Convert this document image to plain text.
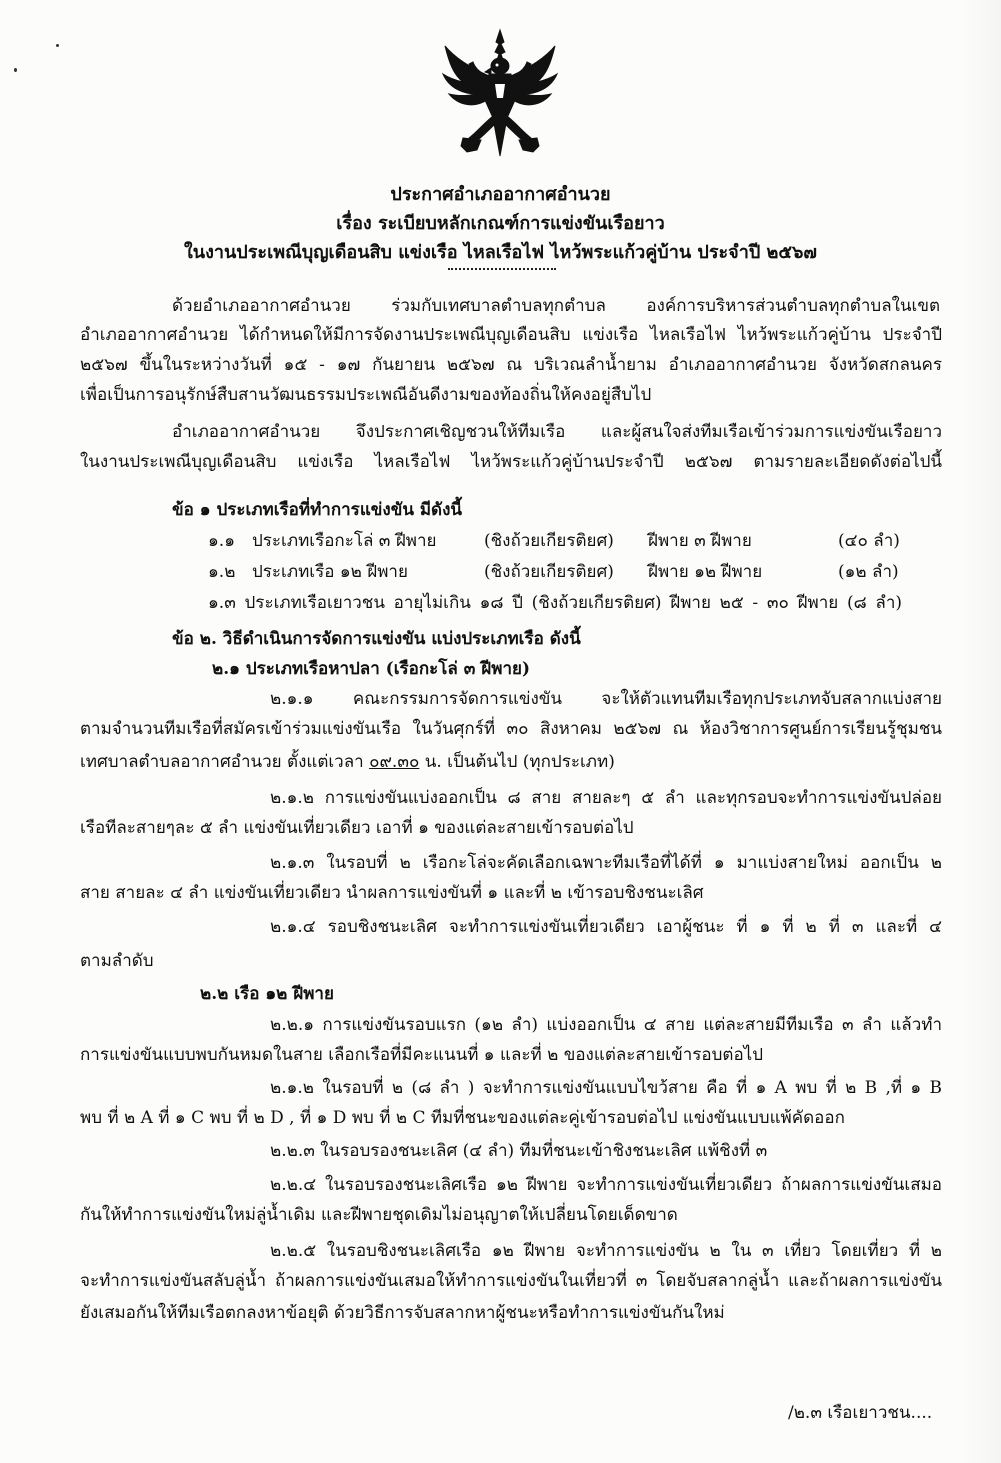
ประกาศอำเภออากาศอำนวย
เรื่อง ระเบียบหลักเกณฑ์การแข่งขันเรือยาว
ในงานประเพณีบุญเดือนสิบ แข่งเรือ ไหลเรือไฟ ไหว้พระแก้วคู่บ้าน ประจำปี ๒๕๖๗
ด้วยอำเภออากาศอำนวย ร่วมกับเทศบาลตำบลทุกตำบล องค์การบริหารส่วนตำบลทุกตำบลในเขต
อำเภออากาศอำนวย ได้กำหนดให้มีการจัดงานประเพณีบุญเดือนสิบ แข่งเรือ ไหลเรือไฟ ไหว้พระแก้วคู่บ้าน ประจำปี
๒๕๖๗ ขึ้นในระหว่างวันที่ ๑๕ - ๑๗ กันยายน ๒๕๖๗ ณ บริเวณลำน้ำยาม อำเภออากาศอำนวย จังหวัดสกลนคร
เพื่อเป็นการอนุรักษ์สืบสานวัฒนธรรมประเพณีอันดีงามของท้องถิ่นให้คงอยู่สืบไป
อำเภออากาศอำนวย จึงประกาศเชิญชวนให้ทีมเรือ และผู้สนใจส่งทีมเรือเข้าร่วมการแข่งขันเรือยาว
ในงานประเพณีบุญเดือนสิบ แข่งเรือ ไหลเรือไฟ ไหว้พระแก้วคู่บ้านประจำปี ๒๕๖๗ ตามรายละเอียดดังต่อไปนี้
ข้อ ๑ ประเภทเรือที่ทำการแข่งขัน มีดังนี้
๑.๑ ประเภทเรือกะโล่ ๓ ฝีพาย	(ชิงถ้วยเกียรติยศ) ฝีพาย ๓ ฝีพาย	(๔๐ ลำ)
๑.๒ ประเภทเรือ ๑๒ ฝีพาย	(ชิงถ้วยเกียรติยศ) ฝีพาย ๑๒ ฝีพาย	(๑๒ ลำ)
๑.๓ ประเภทเรือเยาวชน อายุไม่เกิน ๑๘ ปี (ชิงถ้วยเกียรติยศ) ฝีพาย ๒๕ - ๓๐ ฝีพาย (๘ ลำ)
ข้อ ๒. วิธีดำเนินการจัดการแข่งขัน แบ่งประเภทเรือ ดังนี้
๒.๑ ประเภทเรือหาปลา (เรือกะโล่ ๓ ฝีพาย)
๒.๑.๑ คณะกรรมการจัดการแข่งขัน จะให้ตัวแทนทีมเรือทุกประเภทจับสลากแบ่งสาย
ตามจำนวนทีมเรือที่สมัครเข้าร่วมแข่งขันเรือ ในวันศุกร์ที่ ๓๐ สิงหาคม ๒๕๖๗ ณ ห้องวิชาการศูนย์การเรียนรู้ชุมชน
เทศบาลตำบลอากาศอำนวย ตั้งแต่เวลา ๐๙.๓๐ น. เป็นต้นไป (ทุกประเภท)
๒.๑.๒ การแข่งขันแบ่งออกเป็น ๘ สาย สายละๆ ๕ ลำ และทุกรอบจะทำการแข่งขันปล่อย
เรือทีละสายๆละ ๕ ลำ แข่งขันเที่ยวเดียว เอาที่ ๑ ของแต่ละสายเข้ารอบต่อไป
๒.๑.๓ ในรอบที่ ๒ เรือกะโล่จะคัดเลือกเฉพาะทีมเรือที่ได้ที่ ๑ มาแบ่งสายใหม่ ออกเป็น ๒
สาย สายละ ๔ ลำ แข่งขันเที่ยวเดียว นำผลการแข่งขันที่ ๑ และที่ ๒ เข้ารอบชิงชนะเลิศ
๒.๑.๔ รอบชิงชนะเลิศ จะทำการแข่งขันเที่ยวเดียว เอาผู้ชนะ ที่ ๑ ที่ ๒ ที่ ๓ และที่ ๔
ตามลำดับ
๒.๒ เรือ ๑๒ ฝีพาย
๒.๒.๑ การแข่งขันรอบแรก (๑๒ ลำ) แบ่งออกเป็น ๔ สาย แต่ละสายมีทีมเรือ ๓ ลำ แล้วทำ
การแข่งขันแบบพบกันหมดในสาย เลือกเรือที่มีคะแนนที่ ๑ และที่ ๒ ของแต่ละสายเข้ารอบต่อไป
๒.๑.๒ ในรอบที่ ๒ (๘ ลำ ) จะทำการแข่งขันแบบไขว้สาย คือ ที่ ๑ A พบ ที่ ๒ B ,ที่ ๑ B
พบ ที่ ๒ A ที่ ๑ C พบ ที่ ๒ D , ที่ ๑ D พบ ที่ ๒ C ทีมที่ชนะของแต่ละคู่เข้ารอบต่อไป แข่งขันแบบแพ้คัดออก
๒.๒.๓ ในรอบรองชนะเลิศ (๔ ลำ) ทีมที่ชนะเข้าชิงชนะเลิศ แพ้ชิงที่ ๓
๒.๒.๔ ในรอบรองชนะเลิศเรือ ๑๒ ฝีพาย จะทำการแข่งขันเที่ยวเดียว ถ้าผลการแข่งขันเสมอ
กันให้ทำการแข่งขันใหม่ลู่น้ำเดิม และฝีพายชุดเดิมไม่อนุญาตให้เปลี่ยนโดยเด็ดขาด
๒.๒.๕ ในรอบชิงชนะเลิศเรือ ๑๒ ฝีพาย จะทำการแข่งขัน ๒ ใน ๓ เที่ยว โดยเที่ยว ที่ ๒
จะทำการแข่งขันสลับลู่น้ำ ถ้าผลการแข่งขันเสมอให้ทำการแข่งขันในเที่ยวที่ ๓ โดยจับสลากลู่น้ำ และถ้าผลการแข่งขัน
ยังเสมอกันให้ทีมเรือตกลงหาข้อยุติ ด้วยวิธีการจับสลากหาผู้ชนะหรือทำการแข่งขันกันใหม่
/๒.๓ เรือเยาวชน....
